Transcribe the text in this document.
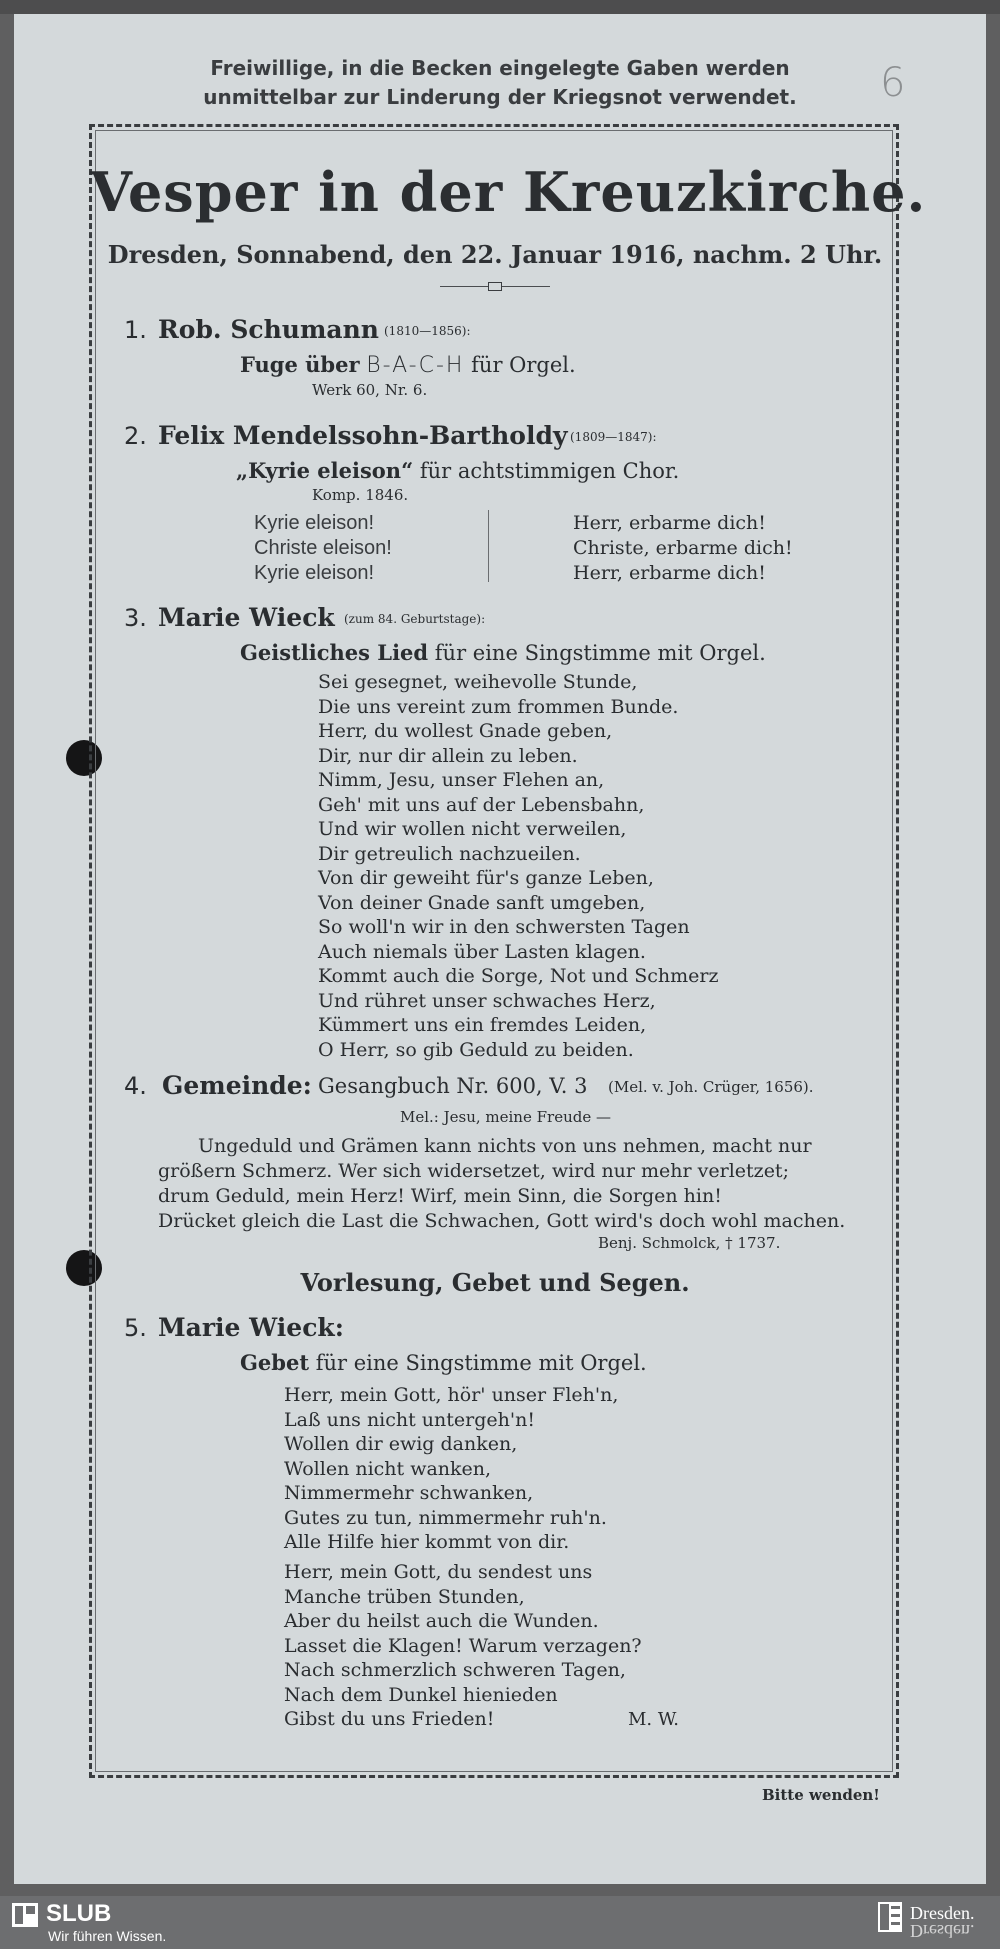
6
Freiwillige, in die Becken eingelegte Gaben werden
unmittelbar zur Linderung der Kriegsnot verwendet.
Vesper in der Kreuzkirche.
Dresden, Sonnabend, den 22. Januar 1916, nachm. 2 Uhr.
1. Rob. Schumann (1810—1856):
Fuge über B-A-C-H für Orgel.
Werk 60, Nr. 6.
2. Felix Mendelssohn-Bartholdy (1809—1847):
„Kyrie eleison“ für achtstimmigen Chor.
Komp. 1846.
Kyrie eleison!
Christe eleison!
Kyrie eleison!
Herr, erbarme dich!
Christe, erbarme dich!
Herr, erbarme dich!
3. Marie Wieck (zum 84. Geburtstage):
Geistliches Lied für eine Singstimme mit Orgel.
Sei gesegnet, weihevolle Stunde,
Die uns vereint zum frommen Bunde.
Herr, du wollest Gnade geben,
Dir, nur dir allein zu leben.
Nimm, Jesu, unser Flehen an,
Geh' mit uns auf der Lebensbahn,
Und wir wollen nicht verweilen,
Dir getreulich nachzueilen.
Von dir geweiht für's ganze Leben,
Von deiner Gnade sanft umgeben,
So woll'n wir in den schwersten Tagen
Auch niemals über Lasten klagen.
Kommt auch die Sorge, Not und Schmerz
Und rühret unser schwaches Herz,
Kümmert uns ein fremdes Leiden,
O Herr, so gib Geduld zu beiden.
4. Gemeinde: Gesangbuch Nr. 600, V. 3 (Mel. v. Joh. Crüger, 1656).
Mel.: Jesu, meine Freude —
Ungeduld und Grämen kann nichts von uns nehmen, macht nur
größern Schmerz. Wer sich widersetzet, wird nur mehr verletzet;
drum Geduld, mein Herz! Wirf, mein Sinn, die Sorgen hin!
Drücket gleich die Last die Schwachen, Gott wird's doch wohl machen.
Benj. Schmolck, † 1737.
Vorlesung, Gebet und Segen.
5. Marie Wieck:
Gebet für eine Singstimme mit Orgel.
Herr, mein Gott, hör' unser Fleh'n,
Laß uns nicht untergeh'n!
Wollen dir ewig danken,
Wollen nicht wanken,
Nimmermehr schwanken,
Gutes zu tun, nimmermehr ruh'n.
Alle Hilfe hier kommt von dir.
Herr, mein Gott, du sendest uns
Manche trüben Stunden,
Aber du heilst auch die Wunden.
Lasset die Klagen! Warum verzagen?
Nach schmerzlich schweren Tagen,
Nach dem Dunkel hienieden
Gibst du uns Frieden!	M. W.
Bitte wenden!
SLUB
Wir führen Wissen.
Dresden.
Dresden.
